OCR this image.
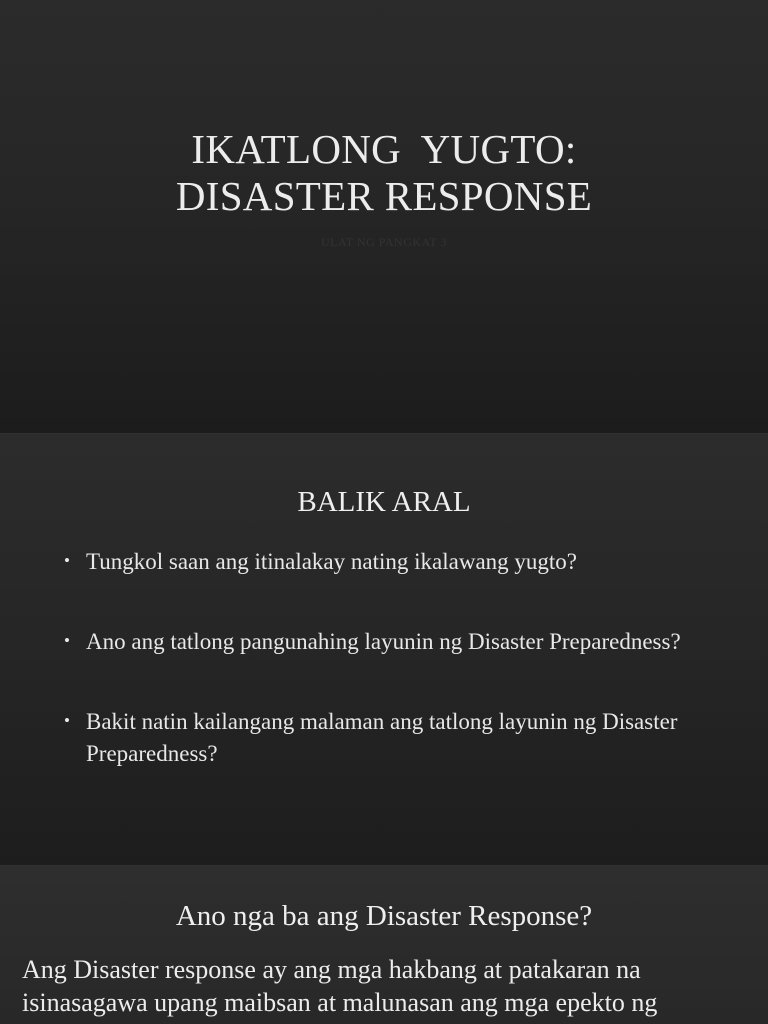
IKATLONG  YUGTO:
DISASTER RESPONSE
ULAT NG PANGKAT 3
BALIK ARAL
• Tungkol saan ang itinalakay nating ikalawang yugto?
• Ano ang tatlong pangunahing layunin ng Disaster Preparedness?
• Bakit natin kailangang malaman ang tatlong layunin ng Disaster Preparedness?
Ano nga ba ang Disaster Response?
Ang Disaster response ay ang mga hakbang at patakaran na isinasagawa upang maibsan at malunasan ang mga epekto ng
